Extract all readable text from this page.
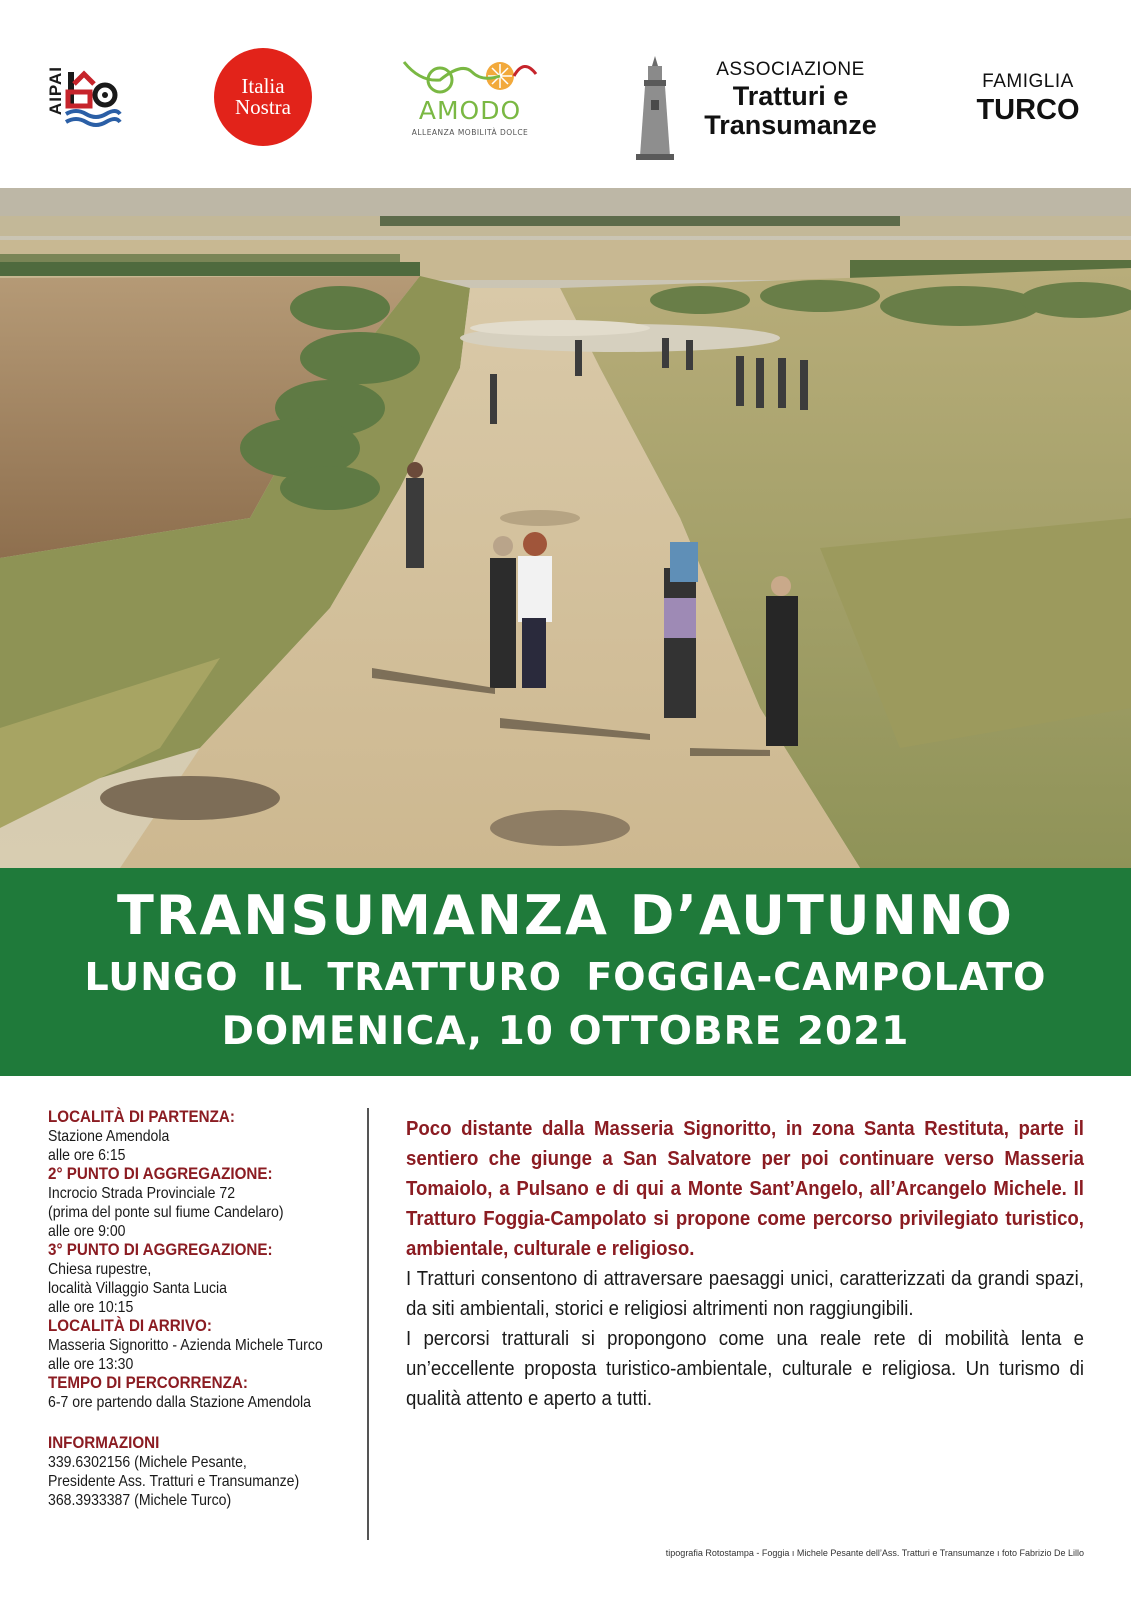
AIPAI	Italia
Nostra	AMODO
ALLEANZA MOBILITÀ DOLCE
ASSOCIAZIONE
Tratturi e
Transumanze
FAMIGLIA
TURCO
TRANSUMANZA D’AUTUNNO
LUNGO IL TRATTURO FOGGIA-CAMPOLATO
DOMENICA, 10 OTTOBRE 2021

LOCALITÀ DI PARTENZA:

Stazione Amendola

alle ore 6:15

2° PUNTO DI AGGREGAZIONE:

Incrocio Strada Provinciale 72

(prima del ponte sul fiume Candelaro)

alle ore 9:00

3° PUNTO DI AGGREGAZIONE:

Chiesa rupestre,

località Villaggio Santa Lucia

alle ore 10:15

LOCALITÀ DI ARRIVO:

Masseria Signoritto - Azienda Michele Turco

alle ore 13:30

TEMPO DI PERCORRENZA:

6-7 ore partendo dalla Stazione Amendola

INFORMAZIONI

339.6302156 (Michele Pesante,

Presidente Ass. Tratturi e Transumanze)

368.3933387 (Michele Turco)

Poco distante dalla Masseria Signoritto, in zona Santa Restituta, parte il sentiero che giunge a San Salvatore per poi continuare verso Masseria Tomaiolo, a Pulsano e di qui a Monte Sant’Angelo, all’Arcangelo Michele. Il Tratturo Foggia-Campolato si propone come percorso privilegiato turistico, ambientale, culturale e religioso.

I Tratturi consentono di attraversare paesaggi unici, caratterizzati da grandi spazi, da siti ambientali, storici e religiosi altrimenti non raggiungibili.

I percorsi tratturali si propongono come una reale rete di mobilità lenta e un’eccellente proposta turistico-ambientale, culturale e religiosa. Un turismo di qualità attento e aperto a tutti.

tipografia Rotostampa - Foggia ı Michele Pesante dell’Ass. Tratturi e Transumanze ı foto Fabrizio De Lillo
